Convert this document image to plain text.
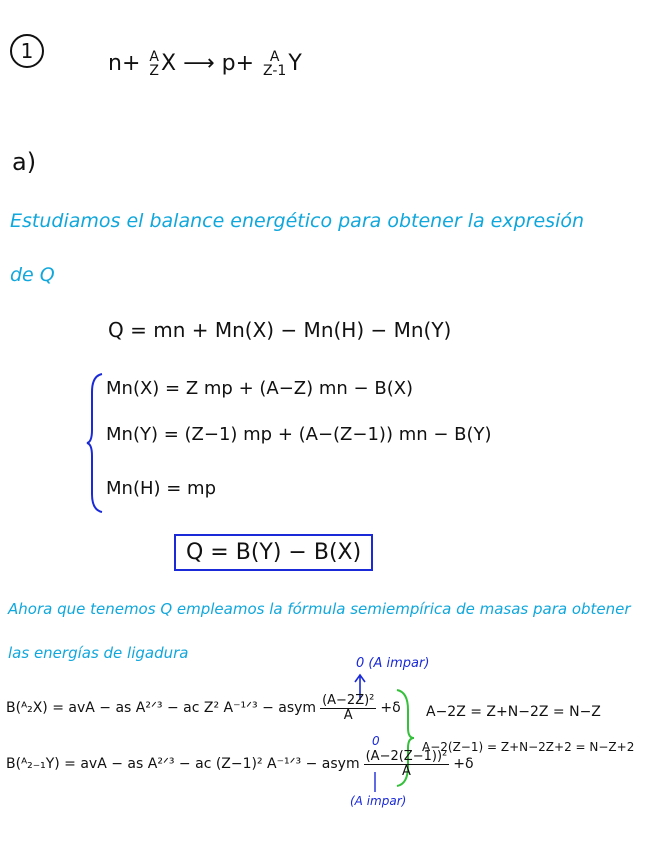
1	n+ A
Z X ⟶ p+	A
Z-1 Y
a)
Estudiamos el balance energético para obtener la expresión
de Q
Q = mn + Mn(X) − Mn(H) − Mn(Y)
Mn(X) = Z mp + (A−Z) mn − B(X)
Mn(Y) = (Z−1) mp + (A−(Z−1)) mn − B(Y)
Mn(H) = mp
Q = B(Y) − B(X)
Ahora que tenemos Q empleamos la fórmula semiempírica de masas para obtener
las energías de ligadura
0 (A impar)
B(ᴬ₂X) = avA − as A²ᐟ³ − ac Z² A⁻¹ᐟ³ − asym $\frac{\text{(A−2Z)²}}{A} +\delta$ A−2Z = Z+N−2Z = N−Z
A−2(Z−1) = Z+N−2Z+2 = N−Z+2
0
B(ᴬ₂₋₁Y) = avA − as A²ᐟ³ − ac (Z−1)² A⁻¹ᐟ³ − asym $\frac{\text{(A−2(Z−1))²}}{A} +\delta$
(A impar)
